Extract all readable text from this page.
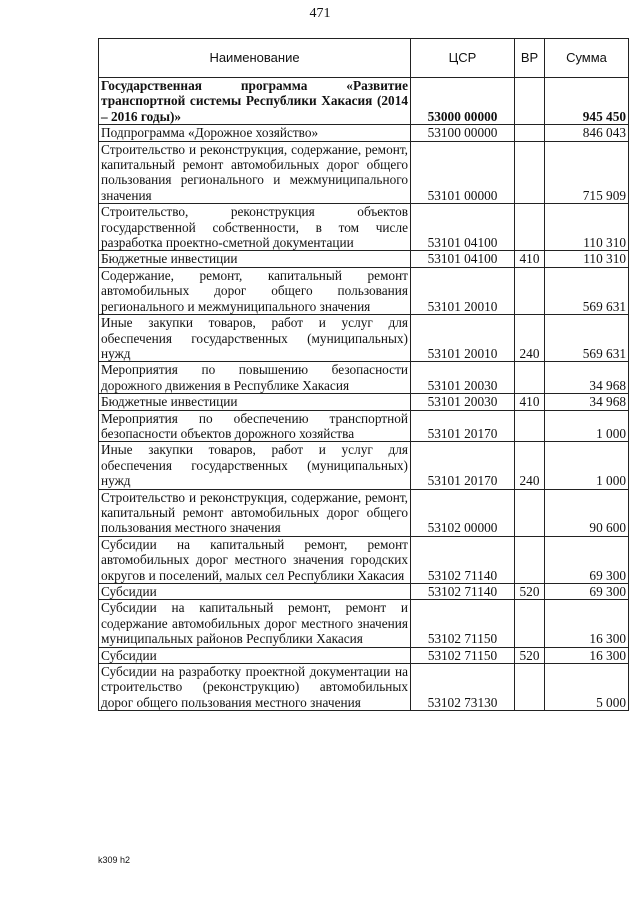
471
Наименование	ЦСР	ВР	Сумма
Государственная программа «Развитие транспортной системы Республики Хакасия (2014 – 2016 годы)»	53000 00000		945 450
Подпрограмма «Дорожное хозяйство»	53100 00000		846 043
Строительство и реконструкция, содержание, ремонт, капитальный ремонт автомобильных дорог общего пользования регионального и межмуниципального значения	53101 00000		715 909
Строительство, реконструкция объектов государственной собственности, в том числе разработка проектно-сметной документации	53101 04100		110 310
Бюджетные инвестиции	53101 04100	410	110 310
Содержание, ремонт, капитальный ремонт автомобильных дорог общего пользования регионального и межмуниципального значения	53101 20010		569 631
Иные закупки товаров, работ и услуг для обеспечения государственных (муниципальных) нужд	53101 20010	240	569 631
Мероприятия по повышению безопасности дорожного движения в Республике Хакасия	53101 20030		34 968
Бюджетные инвестиции	53101 20030	410	34 968
Мероприятия по обеспечению транспортной безопасности объектов дорожного хозяйства	53101 20170		1 000
Иные закупки товаров, работ и услуг для обеспечения государственных (муниципальных) нужд	53101 20170	240	1 000
Строительство и реконструкция, содержание, ремонт, капитальный ремонт автомобильных дорог общего пользования местного значения	53102 00000		90 600
Субсидии на капитальный ремонт, ремонт автомобильных дорог местного значения городских округов и поселений, малых сел Республики Хакасия	53102 71140		69 300
Субсидии	53102 71140	520	69 300
Субсидии на капитальный ремонт, ремонт и содержание автомобильных дорог местного значения муниципальных районов Республики Хакасия	53102 71150		16 300
Субсидии	53102 71150	520	16 300
Субсидии на разработку проектной документации на строительство (реконструкцию) автомобильных дорог общего пользования местного значения	53102 73130		5 000
k309 h2
